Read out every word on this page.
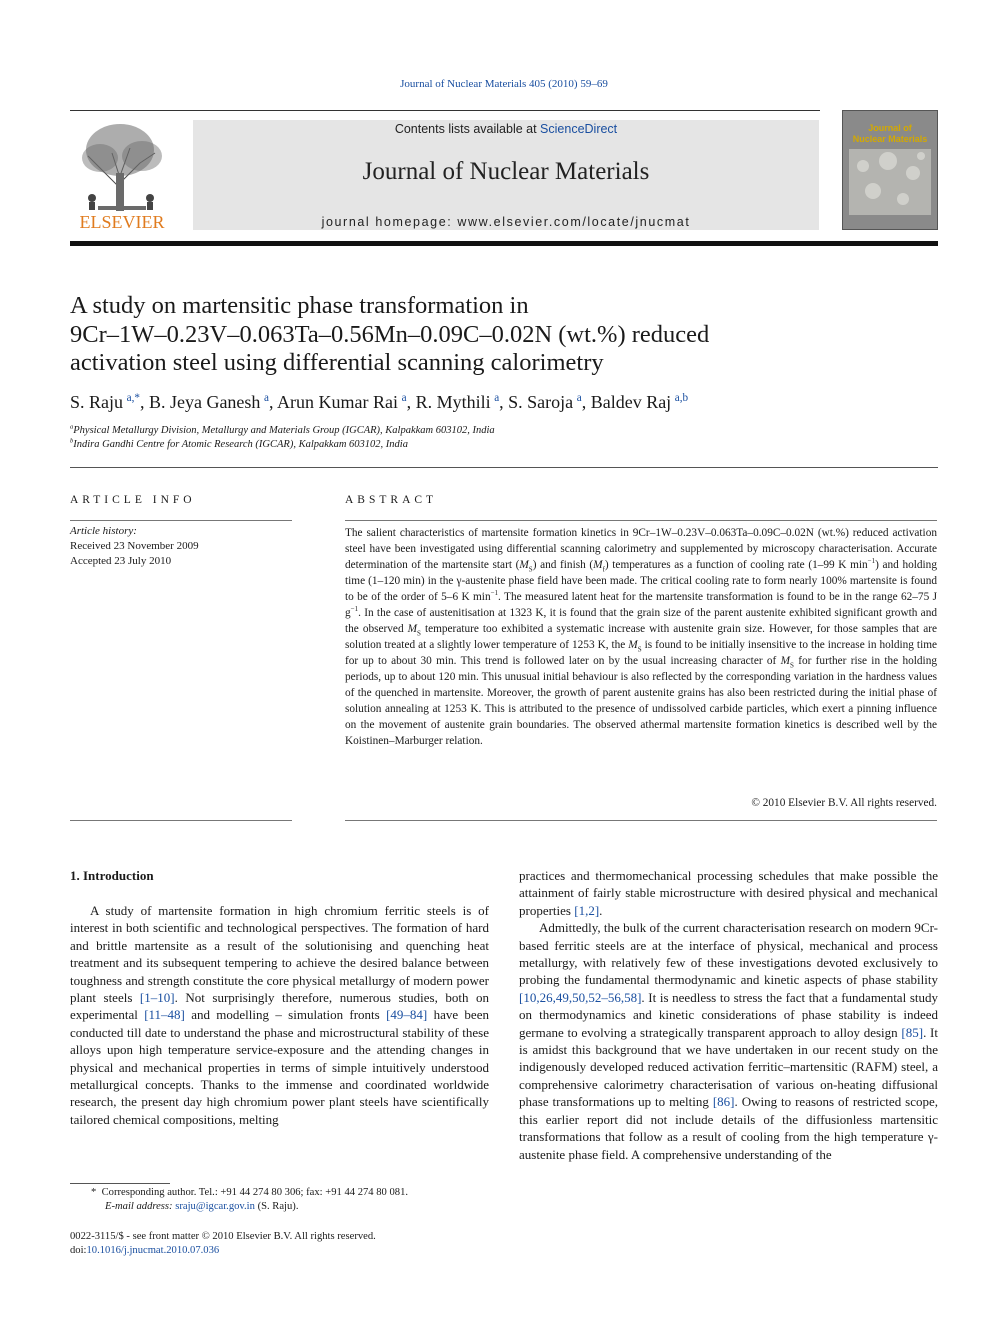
Journal of Nuclear Materials 405 (2010) 59–69
ELSEVIER
Contents lists available at ScienceDirect
Journal of Nuclear Materials
journal homepage: www.elsevier.com/locate/jnucmat
Journal of
Nuclear Materials
A study on martensitic phase transformation in
9Cr–1W–0.23V–0.063Ta–0.56Mn–0.09C–0.02N (wt.%) reduced
activation steel using differential scanning calorimetry
S. Raju  $^{a,*}$, B. Jeya Ganesh  $^a$, Arun Kumar Rai  $^a$, R. Mythili  $^a$, S. Saroja  $^a$, Baldev Raj  $^{a,b}$
$^a$Physical Metallurgy Division, Metallurgy and Materials Group (IGCAR), Kalpakkam 603102, India
$^b$Indira Gandhi Centre for Atomic Research (IGCAR), Kalpakkam 603102, India
ARTICLE INFO
Article history:
Received 23 November 2009
Accepted 23 July 2010
ABSTRACT
The salient characteristics of martensite formation kinetics in 9Cr–1W–0.23V–0.063Ta–0.09C–0.02N (wt.%) reduced activation steel have been investigated using differential scanning calorimetry and supplemented by microscopy characterisation. Accurate determination of the martensite start $(M_S)$ and finish $(M_f)$ temperatures as a function of cooling rate (1–99 K $\min^{-1}$) and holding time (1–120 min) in the γ-austenite phase field have been made. The critical cooling rate to form nearly 100% martensite is found to be of the order of 5–6 K $\min^{-1}$. The measured latent heat for the martensite transformation is found to be in the range 62–75 J $g^{-1}$. In the case of austenitisation at 1323 K, it is found that the grain size of the parent austenite exhibited significant growth and the observed $M_S$ temperature too exhibited a systematic increase with austenite grain size. However, for those samples that are solution treated at a slightly lower temperature of 1253 K, the $M_S$ is found to be initially insensitive to the increase in holding time for up to about 30 min. This trend is followed later on by the usual increasing character of $M_S$ for further rise in the holding periods, up to about 120 min. This unusual initial behaviour is also reflected by the corresponding variation in the hardness values of the quenched in martensite. Moreover, the growth of parent austenite grains has also been restricted during the initial phase of solution annealing at 1253 K. This is attributed to the presence of undissolved carbide particles, which exert a pinning influence on the movement of austenite grain boundaries. The observed athermal martensite formation kinetics is described well by the Koistinen–Marburger relation.
© 2010 Elsevier B.V. All rights reserved.
1. Introduction

A study of martensite formation in high chromium ferritic steels is of interest in both scientific and technological perspectives. The formation of hard and brittle martensite as a result of the solutionising and quenching heat treatment and its subsequent tempering to achieve the desired balance between toughness and strength constitute the core physical metallurgy of modern power plant steels [1–10]. Not surprisingly therefore, numerous studies, both on experimental [11–48] and modelling – simulation fronts [49–84] have been conducted till date to understand the phase and microstructural stability of these alloys upon high temperature service-exposure and the attending changes in physical and mechanical properties in terms of simple intuitively understood metallurgical concepts. Thanks to the immense and coordinated worldwide research, the present day high chromium power plant steels have scientifically tailored chemical compositions, melting

practices and thermomechanical processing schedules that make possible the attainment of fairly stable microstructure with desired physical and mechanical properties [1,2].

Admittedly, the bulk of the current characterisation research on modern 9Cr-based ferritic steels are at the interface of physical, mechanical and process metallurgy, with relatively few of these investigations devoted exclusively to probing the fundamental thermodynamic and kinetic aspects of phase stability [10,26,49,50,52–56,58]. It is needless to stress the fact that a fundamental study on thermodynamics and kinetic considerations of phase stability is indeed germane to evolving a strategically transparent approach to alloy design [85]. It is amidst this background that we have undertaken in our recent study on the indigenously developed reduced activation ferritic–martensitic (RAFM) steel, a comprehensive calorimetry characterisation of various on-heating diffusional phase transformations up to melting [86]. Owing to reasons of restricted scope, this earlier report did not include details of the diffusionless martensitic transformations that follow as a result of cooling from the high temperature γ-austenite phase field. A comprehensive understanding of the

* Corresponding author. Tel.: +91 44 274 80 306; fax: +91 44 274 80 081.
E-mail address: sraju@igcar.gov.in (S. Raju).
0022-3115/$ - see front matter © 2010 Elsevier B.V. All rights reserved.
doi:10.1016/j.jnucmat.2010.07.036
